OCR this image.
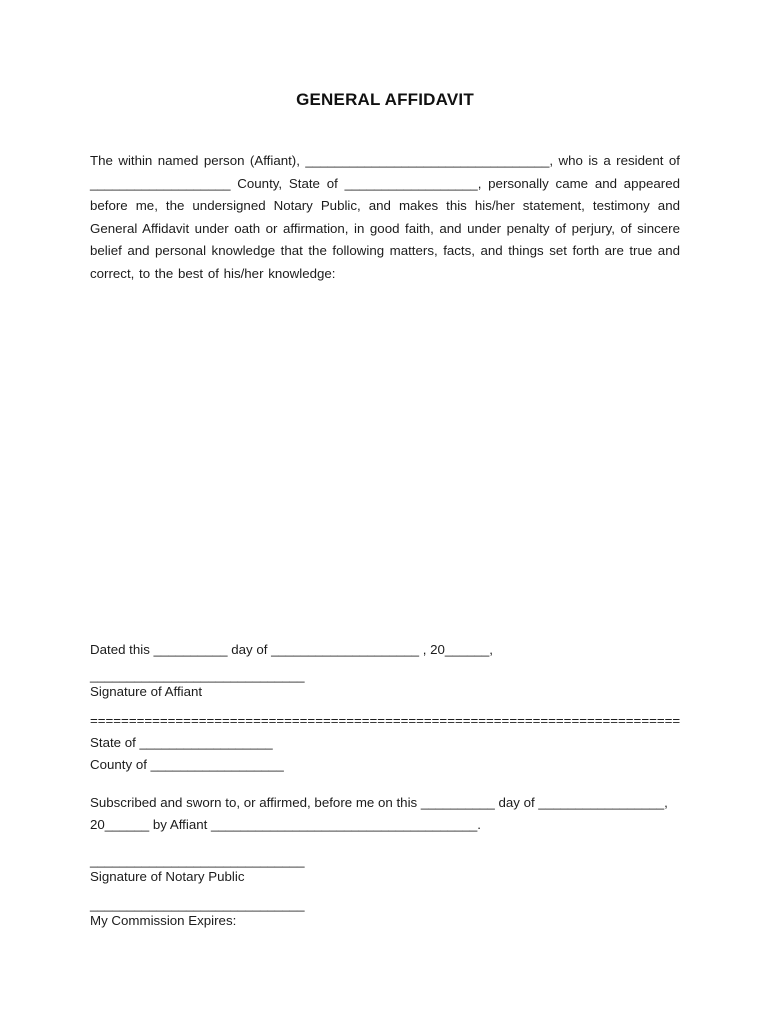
GENERAL AFFIDAVIT

The within named person (Affiant), _________________________________, who is a resident of ___________________ County, State of __________________, personally came and appeared before me, the undersigned Notary Public, and makes this his/her statement, testimony and General Affidavit under oath or affirmation, in good faith, and under penalty of perjury, of sincere belief and personal knowledge that the following matters, facts, and things set forth are true and correct, to the best of his/her knowledge:

Dated this __________ day of ____________________ , 20______,
_____________________________
Signature of Affiant
============================================================================
State of __________________
County of __________________
Subscribed and sworn to, or affirmed, before me on this __________ day of _________________,
20______ by Affiant ____________________________________.
_____________________________
Signature of Notary Public
_____________________________
My Commission Expires:
